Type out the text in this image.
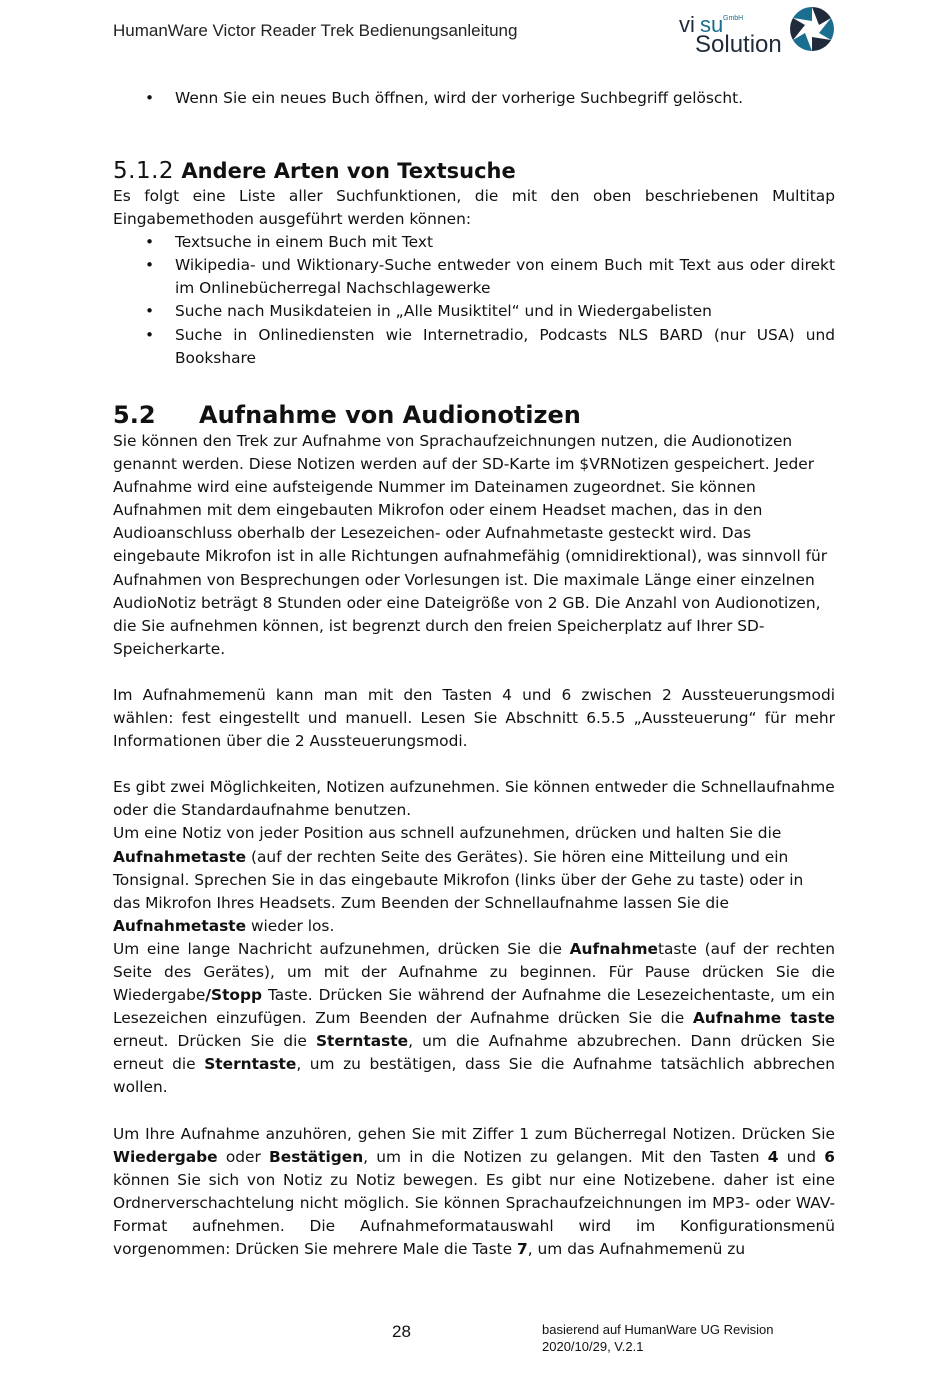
HumanWare Victor Reader Trek Bedienungsanleitung	vi su GmbH
Solution
• Wenn Sie ein neues Buch öffnen, wird der vorherige Suchbegriff gelöscht.
5.1.2 Andere Arten von Textsuche
Es folgt eine Liste aller Suchfunktionen, die mit den oben beschriebenen Multitap Eingabemethoden ausgeführt werden können:
• Textsuche in einem Buch mit Text
• Wikipedia- und Wiktionary-Suche entweder von einem Buch mit Text aus oder direkt im Onlinebücherregal Nachschlagewerke
• Suche nach Musikdateien in „Alle Musiktitel“ und in Wiedergabelisten
• Suche in Onlinediensten wie Internetradio, Podcasts NLS BARD (nur USA) und Bookshare
5.2 Aufnahme von Audionotizen
Sie können den Trek zur Aufnahme von Sprachaufzeichnungen nutzen, die Audionotizen genannt werden. Diese Notizen werden auf der SD-Karte im $VRNotizen gespeichert. Jeder Aufnahme wird eine aufsteigende Nummer im Dateinamen zugeordnet. Sie können Aufnahmen mit dem eingebauten Mikrofon oder einem Headset machen, das in den Audioanschluss oberhalb der Lesezeichen- oder Aufnahmetaste gesteckt wird. Das eingebaute Mikrofon ist in alle Richtungen aufnahmefähig (omnidirektional), was sinnvoll für Aufnahmen von Besprechungen oder Vorlesungen ist. Die maximale Länge einer einzelnen AudioNotiz beträgt 8 Stunden oder eine Dateigröße von 2 GB. Die Anzahl von Audionotizen, die Sie aufnehmen können, ist begrenzt durch den freien Speicherplatz auf Ihrer SD-Speicherkarte.
Im Aufnahmemenü kann man mit den Tasten 4 und 6 zwischen 2 Aussteuerungsmodi wählen: fest eingestellt und manuell. Lesen Sie Abschnitt 6.5.5 „Aussteuerung“ für mehr Informationen über die 2 Aussteuerungsmodi.
Es gibt zwei Möglichkeiten, Notizen aufzunehmen. Sie können entweder die Schnellaufnahme oder die Standardaufnahme benutzen.
Um eine Notiz von jeder Position aus schnell aufzunehmen, drücken und halten Sie die Aufnahmetaste (auf der rechten Seite des Gerätes). Sie hören eine Mitteilung und ein Tonsignal. Sprechen Sie in das eingebaute Mikrofon (links über der Gehe zu taste) oder in das Mikrofon Ihres Headsets. Zum Beenden der Schnellaufnahme lassen Sie die Aufnahmetaste wieder los.
Um eine lange Nachricht aufzunehmen, drücken Sie die Aufnahmetaste (auf der rechten Seite des Gerätes), um mit der Aufnahme zu beginnen. Für Pause drücken Sie die Wiedergabe/Stopp Taste. Drücken Sie während der Aufnahme die Lesezeichentaste, um ein Lesezeichen einzufügen. Zum Beenden der Aufnahme drücken Sie die Aufnahme taste erneut. Drücken Sie die Sterntaste, um die Aufnahme abzubrechen. Dann drücken Sie erneut die Sterntaste, um zu bestätigen, dass Sie die Aufnahme tatsächlich abbrechen wollen.
Um Ihre Aufnahme anzuhören, gehen Sie mit Ziffer 1 zum Bücherregal Notizen. Drücken Sie Wiedergabe oder Bestätigen, um in die Notizen zu gelangen. Mit den Tasten 4 und 6 können Sie sich von Notiz zu Notiz bewegen. Es gibt nur eine Notizebene. daher ist eine Ordnerverschachtelung nicht möglich. Sie können Sprachaufzeichnungen im MP3- oder WAV-Format aufnehmen. Die Aufnahmeformatauswahl wird im Konfigurationsmenü vorgenommen: Drücken Sie mehrere Male die Taste 7, um das Aufnahmemenü zu
28	basierend auf HumanWare UG Revision
2020/10/29, V.2.1
